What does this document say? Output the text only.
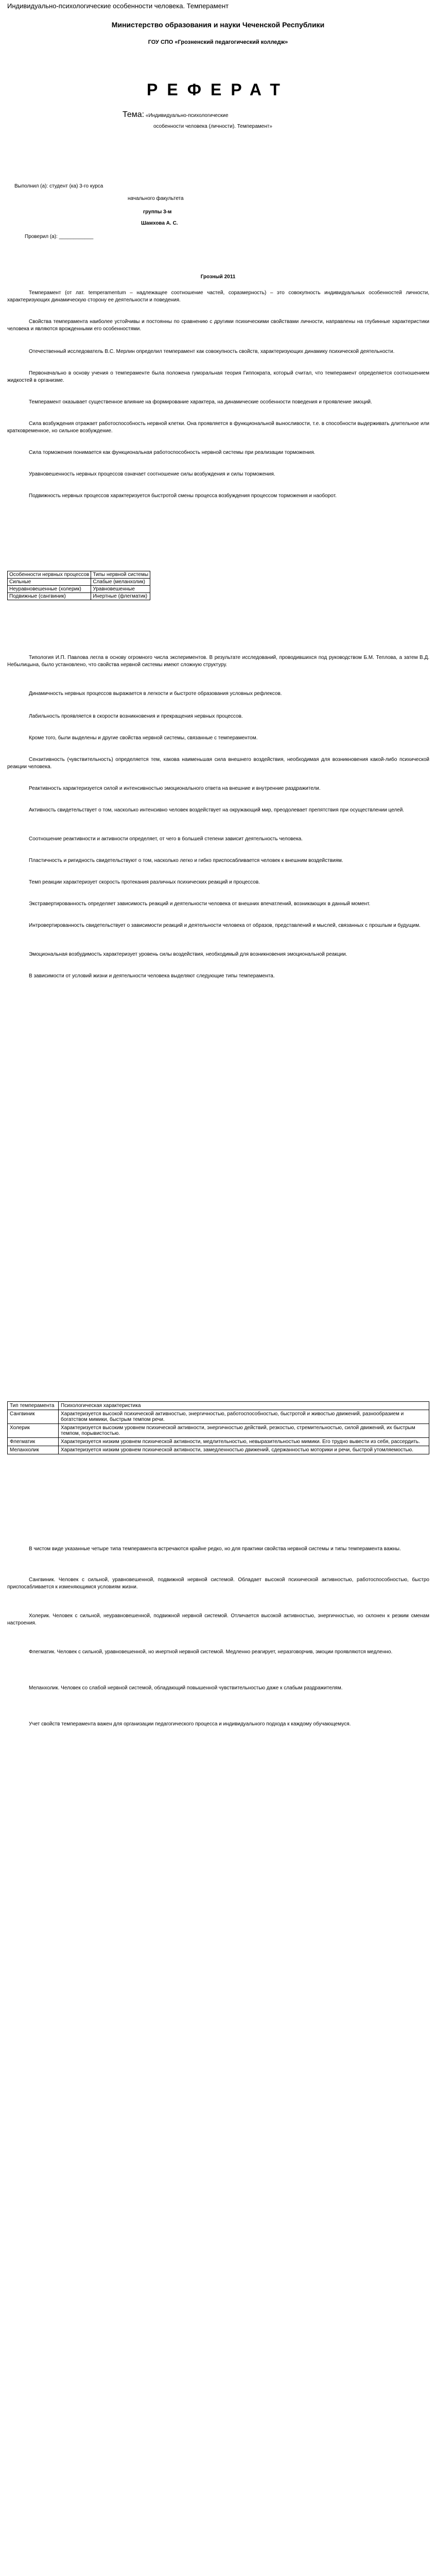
Индивидуально-психологические особенности человека. Темперамент
Министерство образования и науки Чеченской Республики
ГОУ СПО «Грозненский педагогический колледж»
РЕФЕРАТ
Тема: «Индивидуально-психологические
особенности человека (личности). Темперамент»
Выполнил (а): студент (ка) 3-го курса
начального факультета
группы 3-м
Шамхова А. С.
Проверил (а): ____________
Грозный 2011
Темперамент (от лат. temperamentum – надлежащее соотношение частей, соразмерность) – это совокупность индивидуальных особенностей личности, характеризующих динамическую сторону ее деятельности и поведения.
Свойства темперамента наиболее устойчивы и постоянны по сравнению с другими психическими свойствами личности, направлены на глубинные характеристики человека и являются врожденными его особенностями.
Отечественный исследователь В.С. Мерлин определил темперамент как совокупность свойств, характеризующих динамику психической деятельности.
Первоначально в основу учения о темпераменте была положена гуморальная теория Гиппократа, который считал, что темперамент определяется соотношением жидкостей в организме.
Темперамент оказывает существенное влияние на формирование характера, на динамические особенности поведения и проявление эмоций.
Сила возбуждения отражает работоспособность нервной клетки. Она проявляется в функциональной выносливости, т.е. в способности выдерживать длительное или кратковременное, но сильное возбуждение.
Сила торможения понимается как функциональная работоспособность нервной системы при реализации торможения.
Уравновешенность нервных процессов означает соотношение силы возбуждения и силы торможения.
Подвижность нервных процессов характеризуется быстротой смены процесса возбуждения процессом торможения и наоборот.
Особенности нервных процессов	Типы нервной системы
Сильные	Слабые (меланхолик)
Неуравновешенные (холерик)	Уравновешенные
Подвижные (сангвиник)	Инертные (флегматик)
Типология И.П. Павлова легла в основу огромного числа экспериментов. В результате исследований, проводившихся под руководством Б.М. Теплова, а затем В.Д. Небылицына, было установлено, что свойства нервной системы имеют сложную структуру.
Динамичность нервных процессов выражается в легкости и быстроте образования условных рефлексов.
Лабильность проявляется в скорости возникновения и прекращения нервных процессов.
Кроме того, были выделены и другие свойства нервной системы, связанные с темпераментом.
Сензитивность (чувствительность) определяется тем, какова наименьшая сила внешнего воздействия, необходимая для возникновения какой-либо психической реакции человека.
Реактивность характеризуется силой и интенсивностью эмоционального ответа на внешние и внутренние раздражители.
Активность свидетельствует о том, насколько интенсивно человек воздействует на окружающий мир, преодолевает препятствия при осуществлении целей.
Соотношение реактивности и активности определяет, от чего в большей степени зависит деятельность человека.
Пластичность и ригидность свидетельствуют о том, насколько легко и гибко приспосабливается человек к внешним воздействиям.
Темп реакции характеризует скорость протекания различных психических реакций и процессов.
Экстравертированность определяет зависимость реакций и деятельности человека от внешних впечатлений, возникающих в данный момент.
Интровертированность свидетельствует о зависимости реакций и деятельности человека от образов, представлений и мыслей, связанных с прошлым и будущим.
Эмоциональная возбудимость характеризует уровень силы воздействия, необходимый для возникновения эмоциональной реакции.
В зависимости от условий жизни и деятельности человека выделяют следующие типы темперамента.
Тип темперамента	Психологическая характеристика
Сангвиник	Характеризуется высокой психической активностью, энергичностью, работоспособностью, быстротой и живостью движений, разнообразием и богатством мимики, быстрым темпом речи.
Холерик	Характеризуется высоким уровнем психической активности, энергичностью действий, резкостью, стремительностью, силой движений, их быстрым темпом, порывистостью.
Флегматик	Характеризуется низким уровнем психической активности, медлительностью, невыразительностью мимики. Его трудно вывести из себя, рассердить.
Меланхолик	Характеризуется низким уровнем психической активности, замедленностью движений, сдержанностью моторики и речи, быстрой утомляемостью.
В чистом виде указанные четыре типа темперамента встречаются крайне редко, но для практики свойства нервной системы и типы темперамента важны.
Сангвиник. Человек с сильной, уравновешенной, подвижной нервной системой. Обладает высокой психической активностью, работоспособностью, быстро приспосабливается к изменяющимся условиям жизни.
Холерик. Человек с сильной, неуравновешенной, подвижной нервной системой. Отличается высокой активностью, энергичностью, но склонен к резким сменам настроения.
Флегматик. Человек с сильной, уравновешенной, но инертной нервной системой. Медленно реагирует, неразговорчив, эмоции проявляются медленно.
Меланхолик. Человек со слабой нервной системой, обладающий повышенной чувствительностью даже к слабым раздражителям.
Учет свойств темперамента важен для организации педагогического процесса и индивидуального подхода к каждому обучающемуся.
